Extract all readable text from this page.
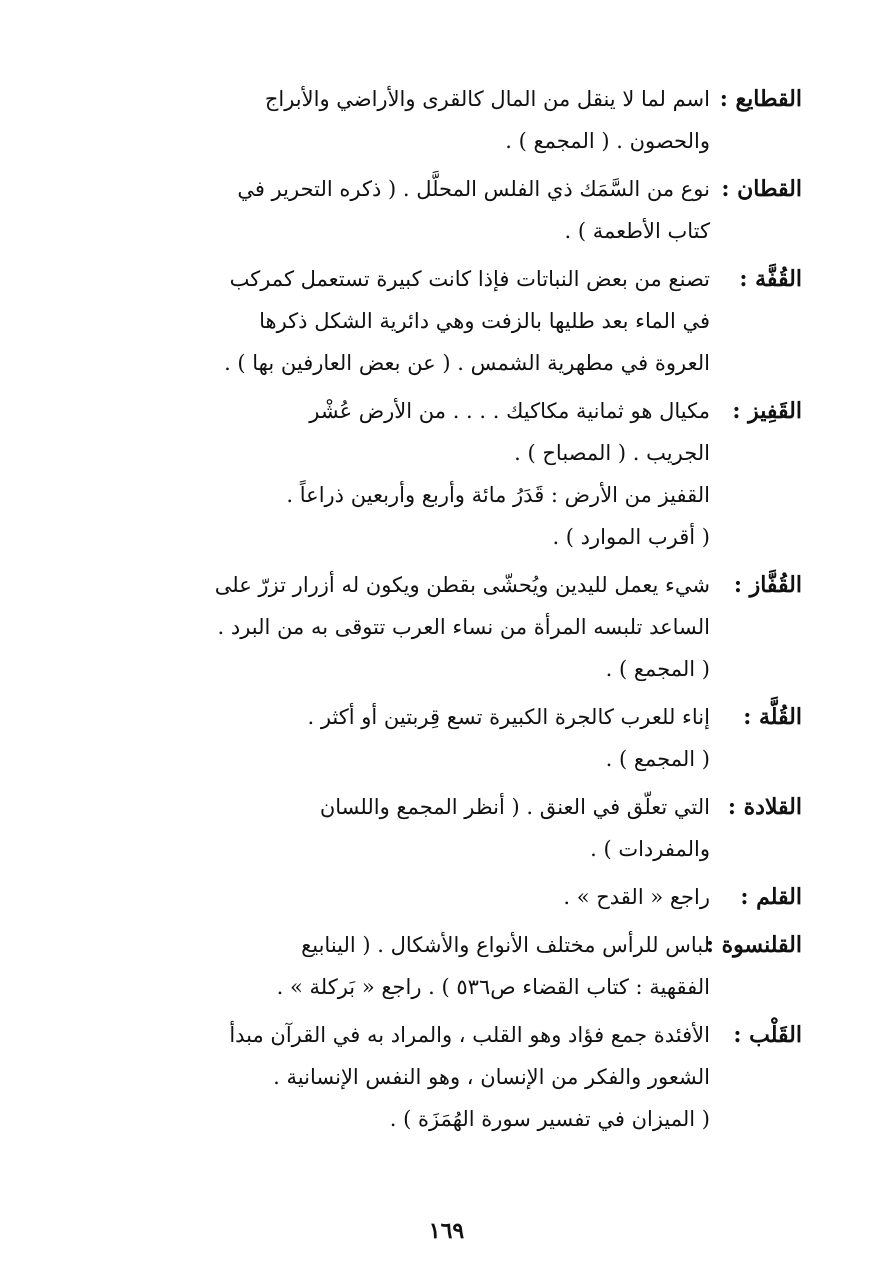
القطايع :
اسم لما لا ينقل من المال كالقرى والأراضي والأبراج
والحصون . ( المجمع ) .
القطان :
نوع من السَّمَك ذي الفلس المحلَّل . ( ذكره التحرير في
كتاب الأطعمة ) .
القُفَّة :
تصنع من بعض النباتات فإذا كانت كبيرة تستعمل كمركب
في الماء بعد طليها بالزفت وهي دائرية الشكل ذكرها
العروة في مطهرية الشمس . ( عن بعض العارفين بها ) .
القَفِيز :
مكيال هو ثمانية مكاكيك . . . . من الأرض عُشْر
الجريب . ( المصباح ) .
القفيز من الأرض : قَدَرُ مائة وأربع وأربعين ذراعاً .
( أقرب الموارد ) .
القُفَّاز :
شيء يعمل لليدين ويُحشّى بقطن ويكون له أزرار تزرّ على
الساعد تلبسه المرأة من نساء العرب تتوقى به من البرد .
( المجمع ) .
القُلَّة :
إناء للعرب كالجرة الكبيرة تسع قِربتين أو أكثر .
( المجمع ) .
القلادة :
التي تعلّق في العنق . ( أنظر المجمع واللسان
والمفردات ) .
القلم :
راجع « القدح » .
القلنسوة :
لباس للرأس مختلف الأنواع والأشكال . ( الينابيع
الفقهية : كتاب القضاء ص٥٣٦ ) . راجع « بَركلة » .
القَلْب :
الأفئدة جمع فؤاد وهو القلب ، والمراد به في القرآن مبدأ
الشعور والفكر من الإنسان ، وهو النفس الإنسانية .
( الميزان في تفسير سورة الهُمَزَة ) .
١٦٩
